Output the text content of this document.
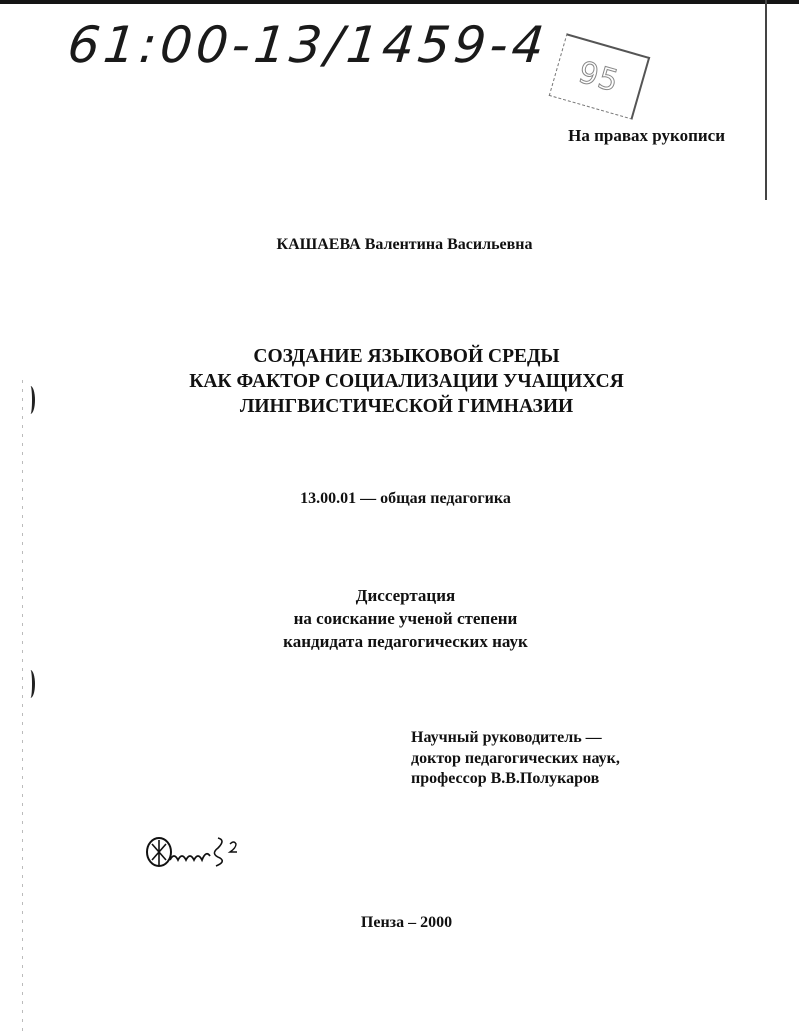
61:00-13/1459-4
95
На правах рукописи
КАШАЕВА Валентина Васильевна
СОЗДАНИЕ ЯЗЫКОВОЙ СРЕДЫ
КАК ФАКТОР СОЦИАЛИЗАЦИИ УЧАЩИХСЯ
ЛИНГВИСТИЧЕСКОЙ ГИМНАЗИИ
13.00.01 — общая педагогика
Диссертация
на соискание ученой степени
кандидата педагогических наук
Научный руководитель —
доктор педагогических наук,
профессор В.В.Полукаров
Пенза – 2000
